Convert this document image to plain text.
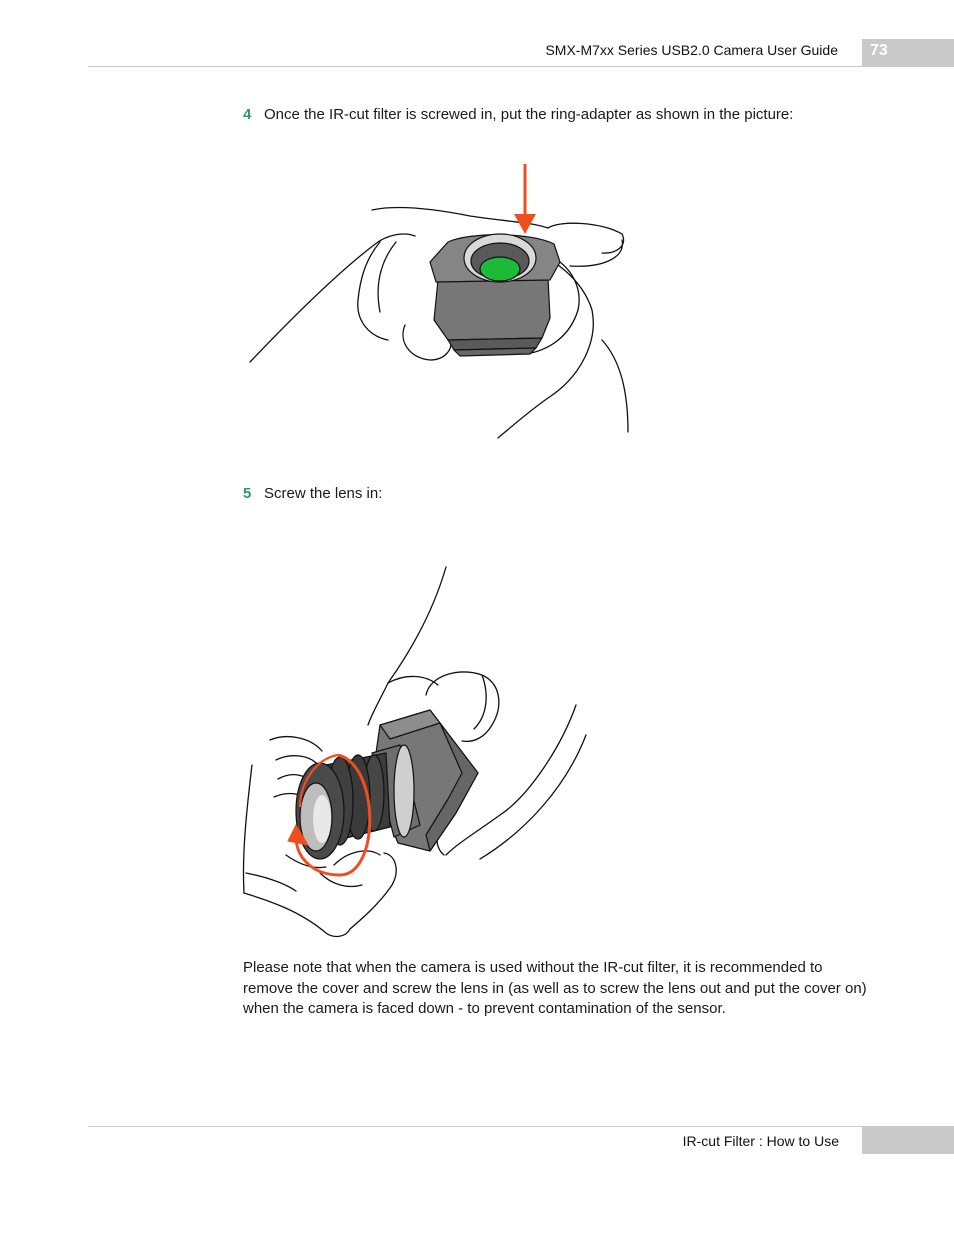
SMX-M7xx Series USB2.0 Camera User Guide 73
4 Once the IR-cut filter is screwed in, put the ring-adapter as shown in the picture:
5 Screw the lens in:

Please note that when the camera is used without the IR-cut filter, it is recommended to remove the cover and screw the lens in (as well as to screw the lens out and put the cover on) when the camera is faced down - to prevent contamination of the sensor.

IR-cut Filter : How to Use
